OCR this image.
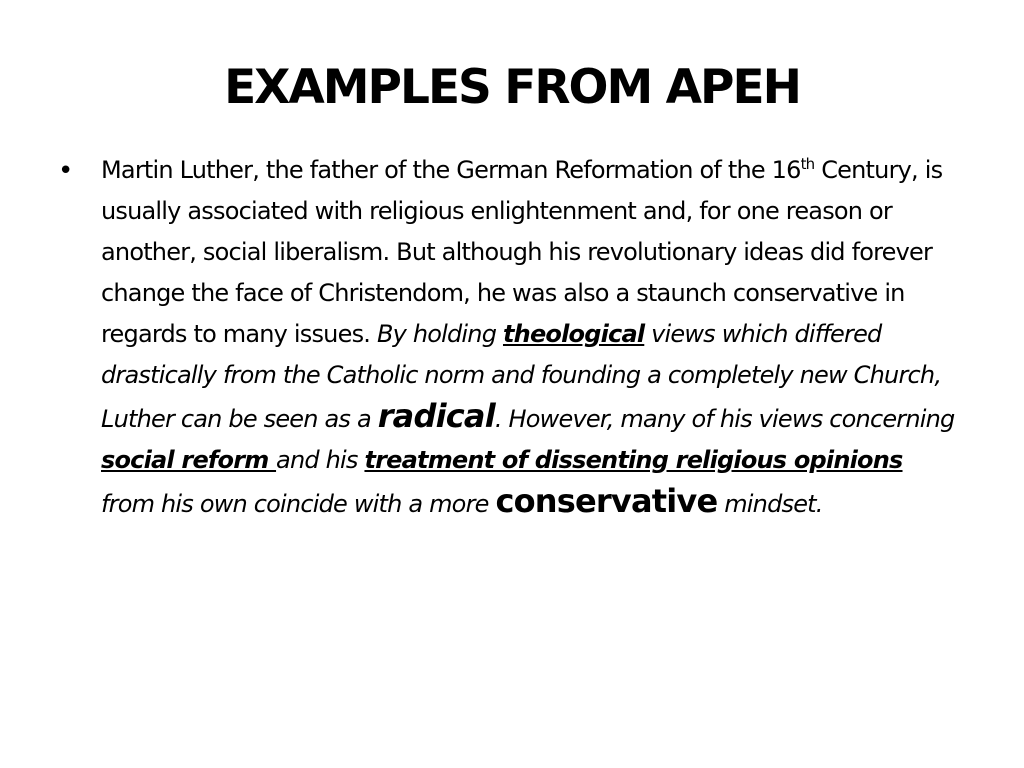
EXAMPLES FROM APEH
• Martin Luther, the father of the German Reformation of the 16th Century, is usually associated with religious enlightenment and, for one reason or another, social liberalism. But although his revolutionary ideas did forever change the face of Christendom, he was also a staunch conservative in regards to many issues. By holding theological views which differed drastically from the Catholic norm and founding a completely new Church, Luther can be seen as a radical. However, many of his views concerning social reform and his treatment of dissenting religious opinions from his own coincide with a more conservative mindset.
